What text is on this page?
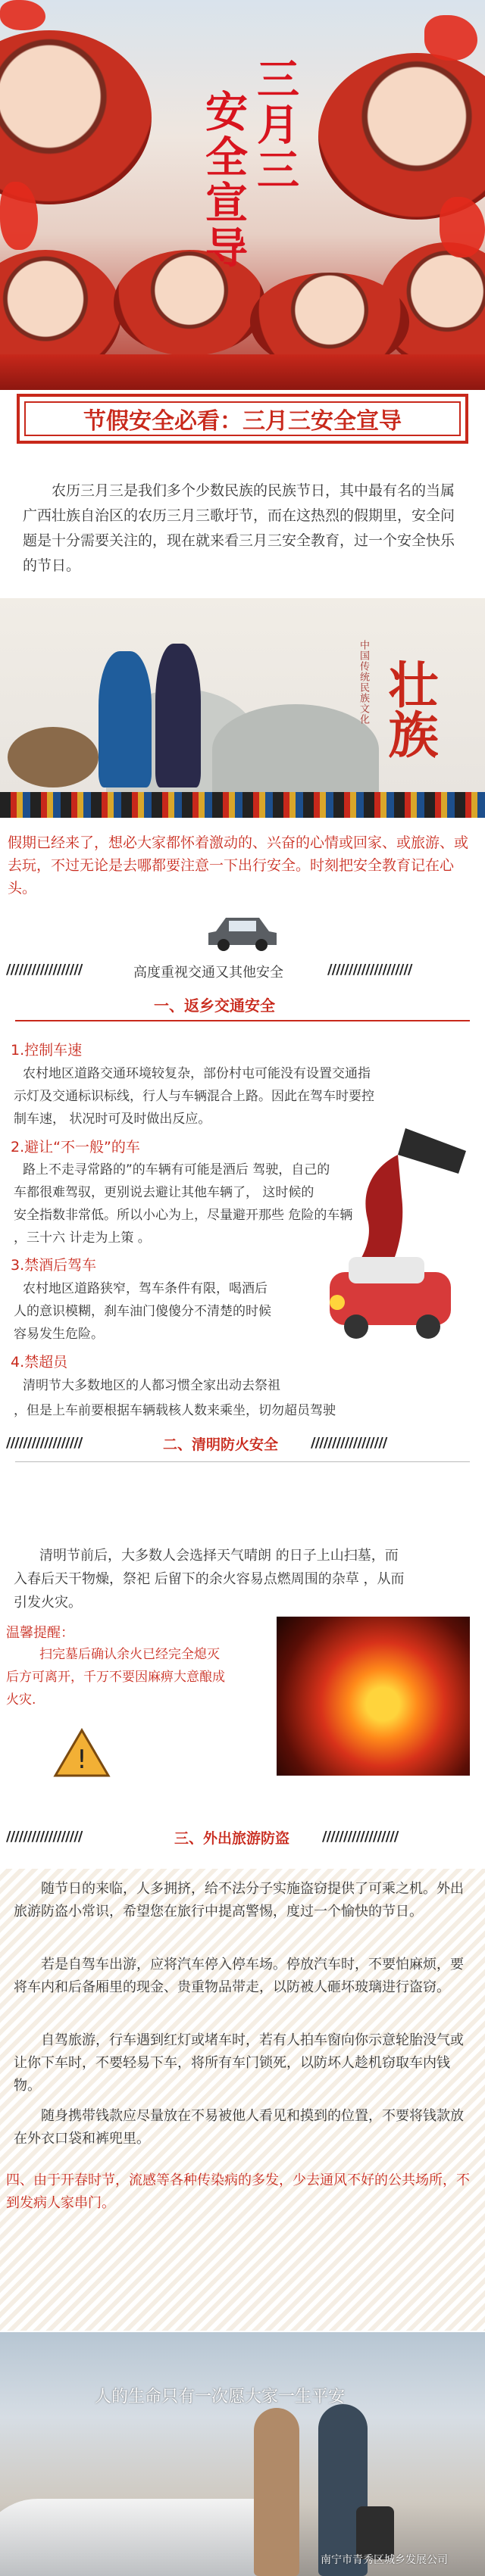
三月三
安全宣导
节假安全必看：三月三安全宣导
农历三月三是我们多个少数民族的民族节日，其中最有名的当属广西壮族自治区的农历三月三歌圩节，而在这热烈的假期里，安全问题是十分需要关注的，现在就来看三月三安全教育，过一个安全快乐的节日。
中国传统民族文化 壮族
假期已经来了，想必大家都怀着激动的、兴奋的心情或回家、或旅游、或去玩，不过无论是去哪都要注意一下出行安全。时刻把安全教育记在心头。
//////////////////	高度重视交通又其他安全	////////////////////
一、返乡交通安全
1.控制车速
农村地区道路交通环境较复杂，部份村屯可能没有设置交通指
示灯及交通标识标线，行人与车辆混合上路。因此在驾车时要控
制车速， 状况时可及时做出反应。
2.避让“不一般”的车
路上不走寻常路的”的车辆有可能是酒后 驾驶，自己的
车都很难驾驭，更别说去避让其他车辆了， 这时候的
安全指数非常低。所以小心为上，尽量避开那些 危险的车辆
，三十六 计走为上策 。
3.禁酒后驾车
农村地区道路狭窄，驾车条件有限，喝酒后
人的意识模糊，刹车油门傻傻分不清楚的时候
容易发生危险。
4.禁超员
清明节大多数地区的人都习惯全家出动去祭祖
，但是上车前要根据车辆载核人数来乘坐，切勿超员驾驶
//////////////////	二、清明防火安全 //////////////////
清明节前后，大多数人会选择天气晴朗 的日子上山扫墓，而
入春后天干物燥，祭祀 后留下的余火容易点燃周围的杂草 ，从而
引发火灾。
温馨提醒：
扫完墓后确认余火已经完全熄灭
后方可离开，千万不要因麻痹大意酿成
火灾.
!
//////////////////	三、外出旅游防盗 //////////////////
随节日的来临，人多拥挤，给不法分子实施盗窃提供了可乘之机。外出旅游防盗小常识，希望您在旅行中提高警惕，度过一个愉快的节日。
若是自驾车出游，应将汽车停入停车场。停放汽车时，不要怕麻烦，要将车内和后备厢里的现金、贵重物品带走，以防被人砸坏玻璃进行盗窃。
自驾旅游，行车遇到红灯或堵车时，若有人拍车窗向你示意轮胎没气或让你下车时，不要轻易下车，将所有车门锁死，以防坏人趁机窃取车内钱物。
随身携带钱款应尽量放在不易被他人看见和摸到的位置，不要将钱款放在外衣口袋和裤兜里。
四、由于开春时节，流感等各种传染病的多发，少去通风不好的公共场所，不到发病人家串门。
人的生命只有一次愿大家一生平安
南宁市青秀区城乡发展公司
